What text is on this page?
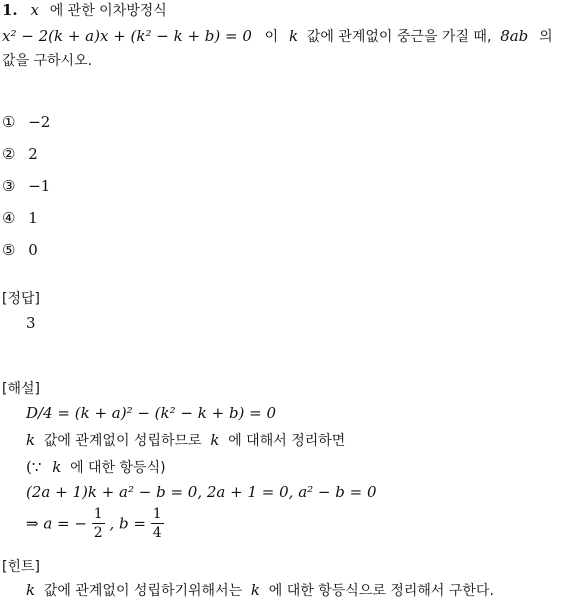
1. x 에 관한 이차방정식
x² − 2(k + a)x + (k² − k + b) = 0 이 k 값에 관계없이 중근을 가질 때, 8ab 의
값을 구하시오.
① −2
② 2
③ −1
④ 1
⑤ 0
[정답]
3
[해설]
D/4 = (k + a)² − (k² − k + b) = 0
k 값에 관계없이 성립하므로 k 에 대해서 정리하면
(∵ k 에 대한 항등식)
(2a + 1)k + a² − b = 0, 2a + 1 = 0, a² − b = 0
⇒ a = − $\frac{1}{2}$ , $b = \frac{1}{4}$
[힌트]
k 값에 관계없이 성립하기위해서는 k 에 대한 항등식으로 정리해서 구한다.
